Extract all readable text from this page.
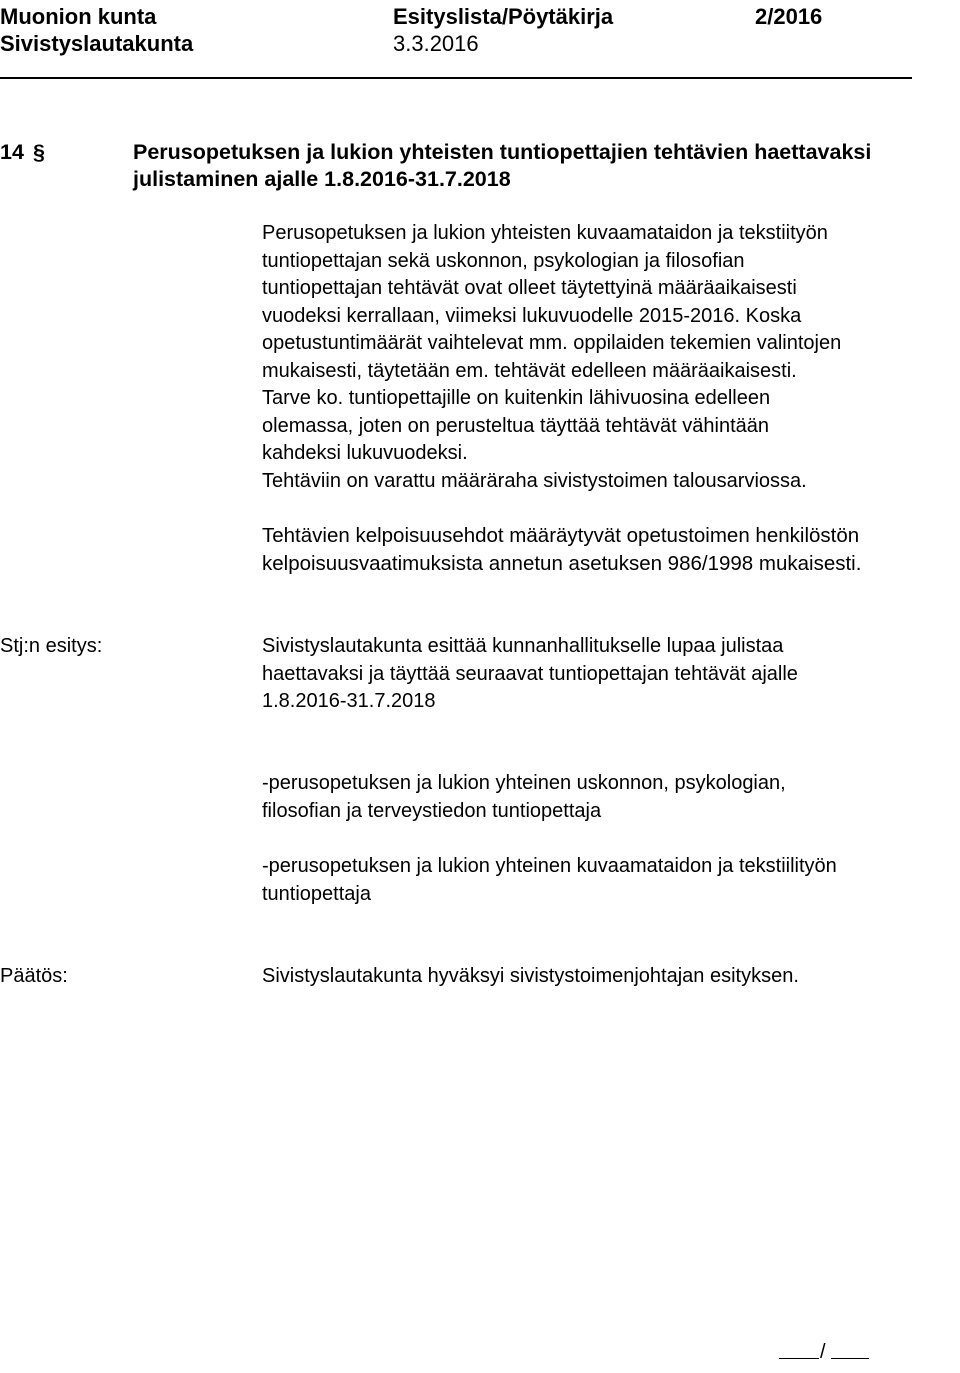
Muonion kunta	Esityslista/Pöytäkirja	2/2016
Sivistyslautakunta	3.3.2016
14 §	Perusopetuksen ja lukion yhteisten tuntiopettajien tehtävien haettavaksi
julistaminen ajalle 1.8.2016-31.7.2018
Perusopetuksen ja lukion yhteisten kuvaamataidon ja tekstiityön
tuntiopettajan sekä uskonnon, psykologian ja filosofian
tuntiopettajan tehtävät ovat olleet täytettyinä määräaikaisesti
vuodeksi kerrallaan, viimeksi lukuvuodelle 2015-2016. Koska
opetustuntimäärät vaihtelevat mm. oppilaiden tekemien valintojen
mukaisesti, täytetään em. tehtävät edelleen määräaikaisesti.
Tarve ko. tuntiopettajille on kuitenkin lähivuosina edelleen
olemassa, joten on perusteltua täyttää tehtävät vähintään
kahdeksi lukuvuodeksi.
Tehtäviin on varattu määräraha sivistystoimen talousarviossa.
Tehtävien kelpoisuusehdot määräytyvät opetustoimen henkilöstön
kelpoisuusvaatimuksista annetun asetuksen 986/1998 mukaisesti.
Stj:n esitys:	Sivistyslautakunta esittää kunnanhallitukselle lupaa julistaa
haettavaksi ja täyttää seuraavat tuntiopettajan tehtävät ajalle
1.8.2016-31.7.2018
-perusopetuksen ja lukion yhteinen uskonnon, psykologian,
filosofian ja terveystiedon tuntiopettaja
-perusopetuksen ja lukion yhteinen kuvaamataidon ja tekstiilityön
tuntiopettaja
Päätös:	Sivistyslautakunta hyväksyi sivistystoimenjohtajan esityksen.
/
